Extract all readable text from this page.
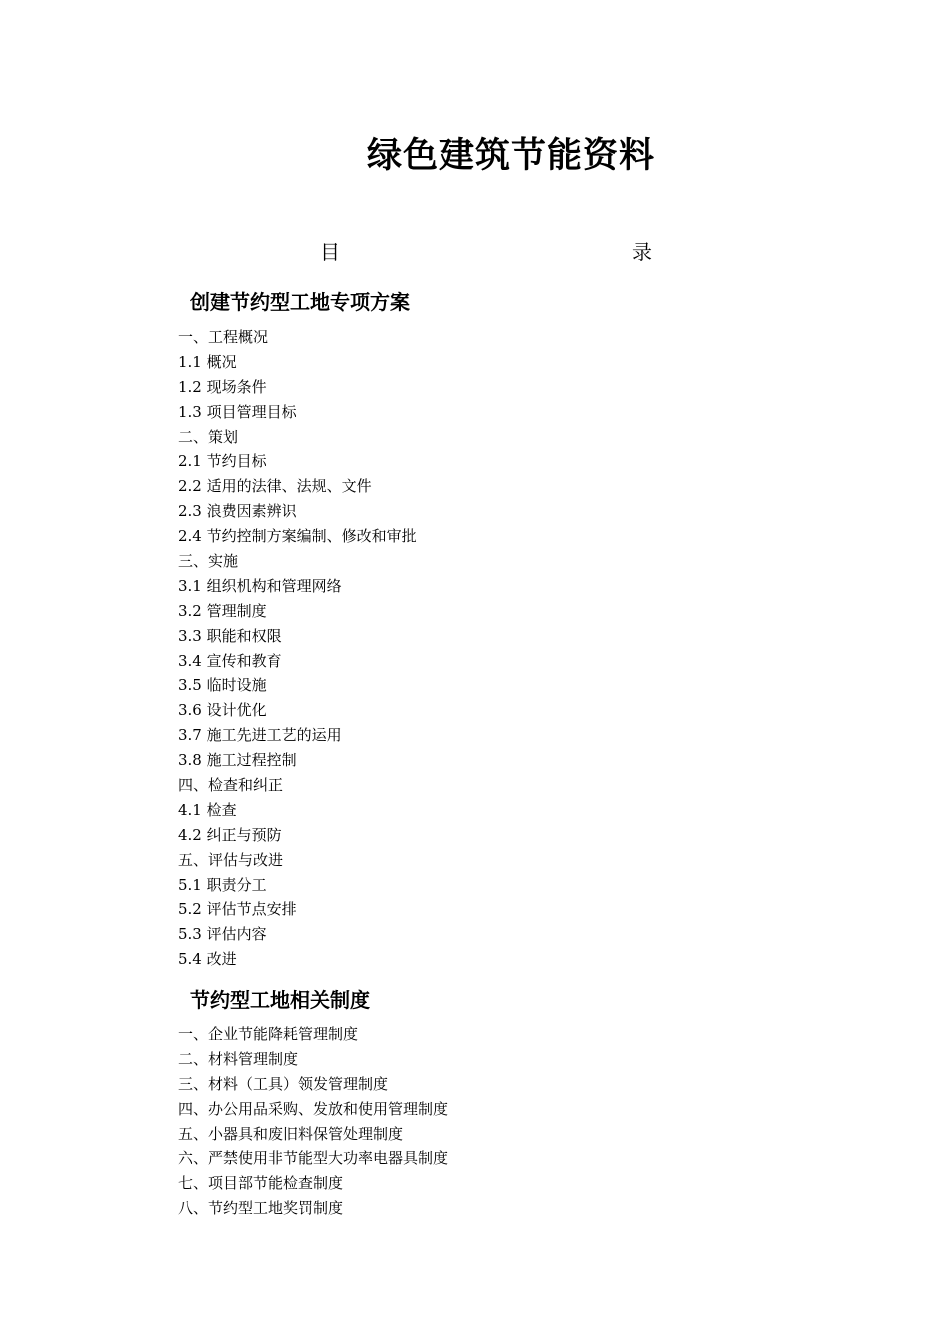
绿色建筑节能资料
目	录
创建节约型工地专项方案
一、工程概况
1.1 概况
1.2 现场条件
1.3 项目管理目标
二、策划
2.1 节约目标
2.2 适用的法律、法规、文件
2.3 浪费因素辨识
2.4 节约控制方案编制、修改和审批
三、实施
3.1 组织机构和管理网络
3.2 管理制度
3.3 职能和权限
3.4 宣传和教育
3.5 临时设施
3.6 设计优化
3.7 施工先进工艺的运用
3.8 施工过程控制
四、检查和纠正
4.1 检查
4.2 纠正与预防
五、评估与改进
5.1 职责分工
5.2 评估节点安排
5.3 评估内容
5.4 改进
节约型工地相关制度
一、企业节能降耗管理制度
二、材料管理制度
三、材料（工具）领发管理制度
四、办公用品采购、发放和使用管理制度
五、小器具和废旧料保管处理制度
六、严禁使用非节能型大功率电器具制度
七、项目部节能检查制度
八、节约型工地奖罚制度
